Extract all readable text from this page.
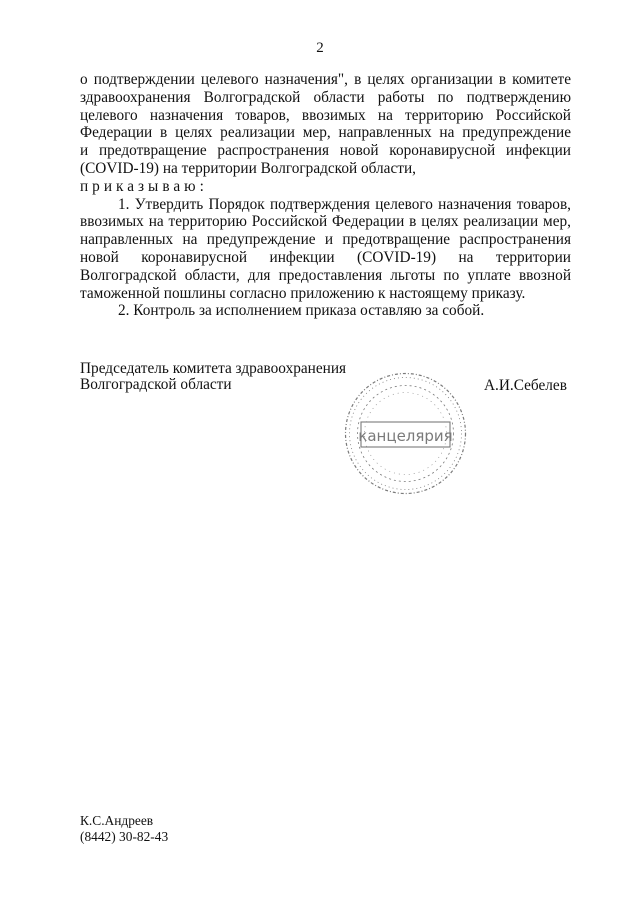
2
о подтверждении целевого назначения", в целях организации в комитете
здравоохранения Волгоградской области работы по подтверждению
целевого назначения товаров, ввозимых на территорию Российской
Федерации в целях реализации мер, направленных на предупреждение
и предотвращение распространения новой коронавирусной инфекции
(COVID-19) на территории Волгоградской области,
приказываю:
1. Утвердить Порядок подтверждения целевого назначения товаров,
ввозимых на территорию Российской Федерации в целях реализации мер,
направленных на предупреждение и предотвращение распространения
новой коронавирусной инфекции (COVID-19) на территории
Волгоградской области, для предоставления льготы по уплате ввозной
таможенной пошлины согласно приложению к настоящему приказу.
2. Контроль за исполнением приказа оставляю за собой.
Председатель комитета здравоохранения
Волгоградской области	А.И.Себелев
канцелярия
К.С.Андреев
(8442) 30-82-43
